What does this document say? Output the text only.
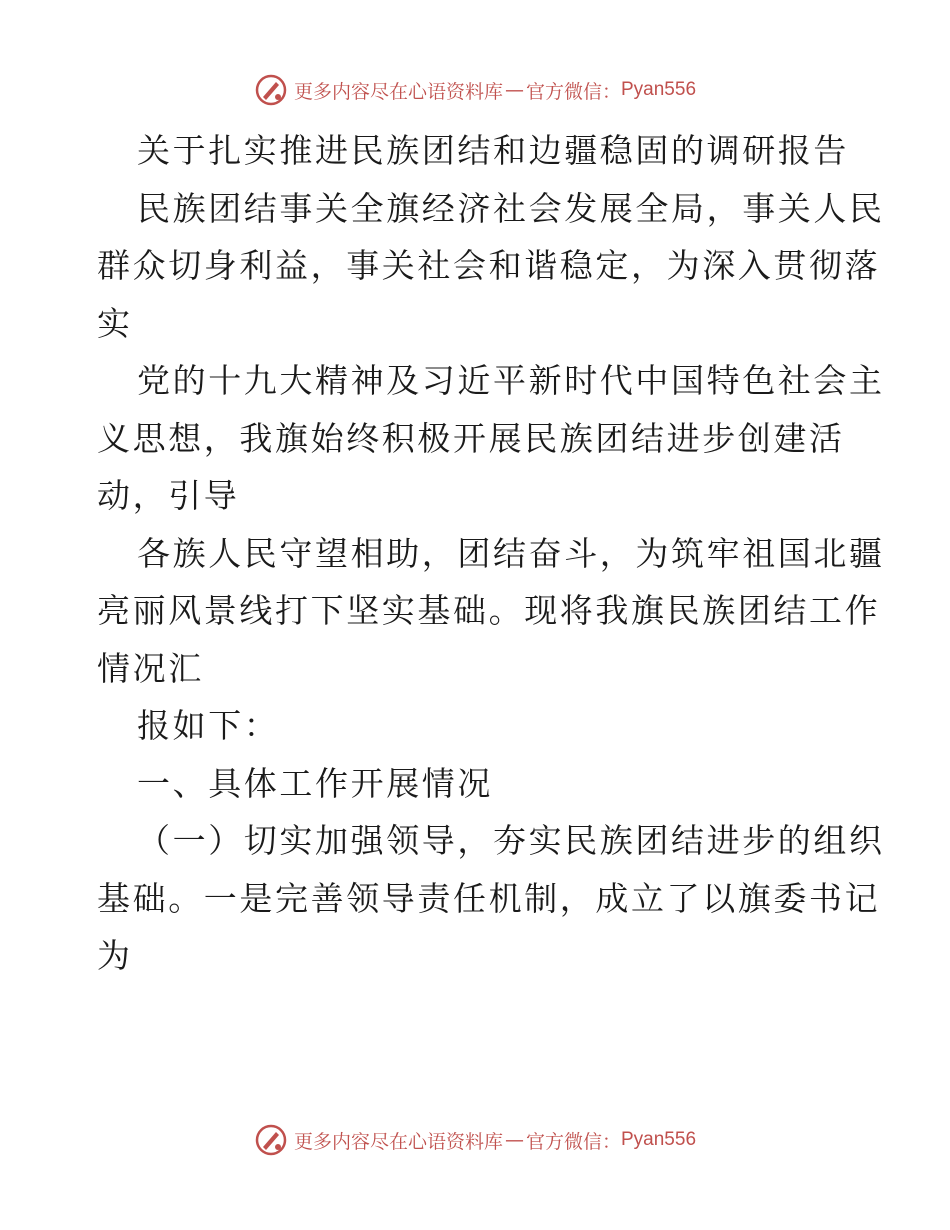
更多内容尽在心语资料库 — 官方微信： Pyan556

关于扎实推进民族团结和边疆稳固的调研报告

民族团结事关全旗经济社会发展全局，事关人民

群众切身利益，事关社会和谐稳定，为深入贯彻落

实

党的十九大精神及习近平新时代中国特色社会主

义思想，我旗始终积极开展民族团结进步创建活

动，引导

各族人民守望相助，团结奋斗，为筑牢祖国北疆

亮丽风景线打下坚实基础。现将我旗民族团结工作

情况汇

报如下：

一、具体工作开展情况

（一）切实加强领导，夯实民族团结进步的组织

基础。一是完善领导责任机制，成立了以旗委书记

为

更多内容尽在心语资料库 — 官方微信： Pyan556
